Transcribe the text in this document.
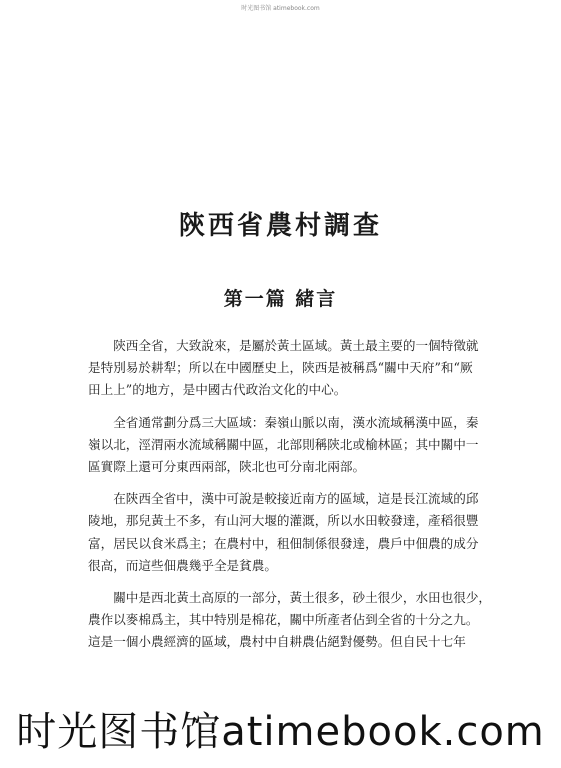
时光图书馆 atimebook.com
陝西省農村調查
第一篇 緒言

陝西全省，大致說來，是屬於黃土區域。黃土最主要的一個特徵就
是特別易於耕犁；所以在中國歷史上，陝西是被稱爲“關中天府”和“厥
田上上”的地方，是中國古代政治文化的中心。

全省通常劃分爲三大區域：秦嶺山脈以南，漢水流域稱漢中區，秦
嶺以北，涇渭兩水流域稱關中區，北部則稱陝北或榆林區；其中關中一
區實際上還可分東西兩部，陝北也可分南北兩部。

在陝西全省中，漢中可說是較接近南方的區域，這是長江流域的邱
陵地，那兒黃土不多，有山河大堰的灌溉，所以水田較發達，產稻很豐
富，居民以食米爲主；在農村中，租佃制係很發達，農戶中佃農的成分
很高，而這些佃農幾乎全是貧農。

關中是西北黃土高原的一部分，黃土很多，砂土很少，水田也很少，
農作以麥棉爲主，其中特別是棉花，關中所產者佔到全省的十分之九。
這是一個小農經濟的區域，農村中自耕農佔絕對優勢。但自民十七年

时光图书馆atimebook.com
